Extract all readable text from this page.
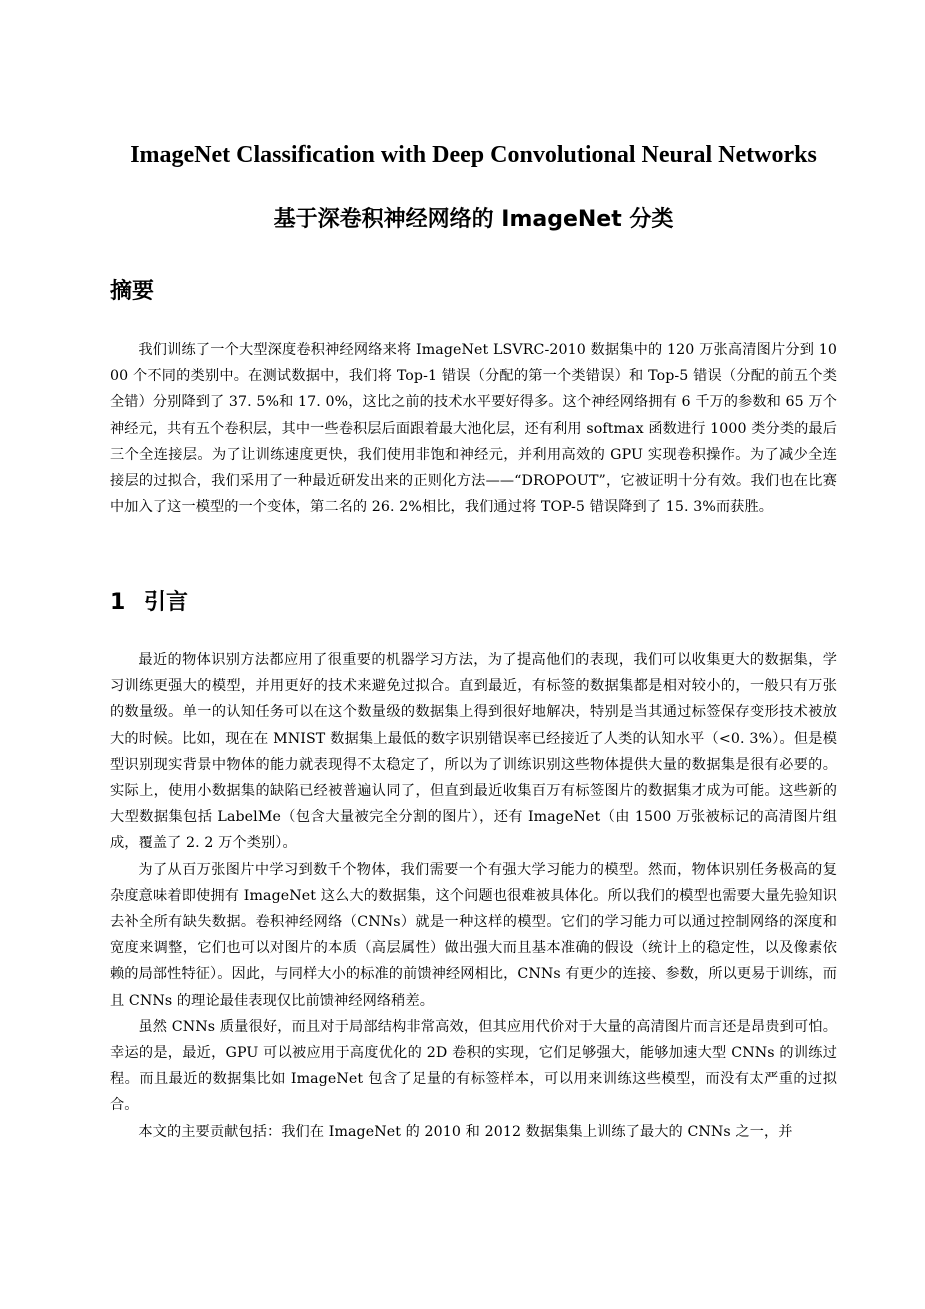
ImageNet Classification with Deep Convolutional Neural Networks
基于深卷积神经网络的 ImageNet 分类
摘要

我们训练了一个大型深度卷积神经网络来将 ImageNet LSVRC-2010 数据集中的 120 万张高清图片分到 1000 个不同的类别中。在测试数据中，我们将 Top-1 错误（分配的第一个类错误）和 Top-5 错误（分配的前五个类全错）分别降到了 37. 5%和 17. 0%，这比之前的技术水平要好得多。这个神经网络拥有 6 千万的参数和 65 万个神经元，共有五个卷积层，其中一些卷积层后面跟着最大池化层，还有利用 softmax 函数进行 1000 类分类的最后三个全连接层。为了让训练速度更快，我们使用非饱和神经元，并利用高效的 GPU 实现卷积操作。为了减少全连接层的过拟合，我们采用了一种最近研发出来的正则化方法——“DROPOUT”，它被证明十分有效。我们也在比赛中加入了这一模型的一个变体，第二名的 26. 2%相比，我们通过将 TOP-5 错误降到了 15. 3%而获胜。

1 引言

最近的物体识别方法都应用了很重要的机器学习方法，为了提高他们的表现，我们可以收集更大的数据集，学习训练更强大的模型，并用更好的技术来避免过拟合。直到最近，有标签的数据集都是相对较小的，一般只有万张的数量级。单一的认知任务可以在这个数量级的数据集上得到很好地解决，特别是当其通过标签保存变形技术被放大的时候。比如，现在在 MNIST 数据集上最低的数字识别错误率已经接近了人类的认知水平（<0. 3%）。但是模型识别现实背景中物体的能力就表现得不太稳定了，所以为了训练识别这些物体提供大量的数据集是很有必要的。实际上，使用小数据集的缺陷已经被普遍认同了，但直到最近收集百万有标签图片的数据集才成为可能。这些新的大型数据集包括 LabelMe（包含大量被完全分割的图片），还有 ImageNet（由 1500 万张被标记的高清图片组成，覆盖了 2. 2 万个类别）。

为了从百万张图片中学习到数千个物体，我们需要一个有强大学习能力的模型。然而，物体识别任务极高的复杂度意味着即使拥有 ImageNet 这么大的数据集，这个问题也很难被具体化。所以我们的模型也需要大量先验知识去补全所有缺失数据。卷积神经网络（CNNs）就是一种这样的模型。它们的学习能力可以通过控制网络的深度和宽度来调整，它们也可以对图片的本质（高层属性）做出强大而且基本准确的假设（统计上的稳定性，以及像素依赖的局部性特征）。因此，与同样大小的标准的前馈神经网相比，CNNs 有更少的连接、参数，所以更易于训练，而且 CNNs 的理论最佳表现仅比前馈神经网络稍差。

虽然 CNNs 质量很好，而且对于局部结构非常高效，但其应用代价对于大量的高清图片而言还是昂贵到可怕。幸运的是，最近，GPU 可以被应用于高度优化的 2D 卷积的实现，它们足够强大，能够加速大型 CNNs 的训练过程。而且最近的数据集比如 ImageNet 包含了足量的有标签样本，可以用来训练这些模型，而没有太严重的过拟合。

本文的主要贡献包括：我们在 ImageNet 的 2010 和 2012 数据集集上训练了最大的 CNNs 之一，并
